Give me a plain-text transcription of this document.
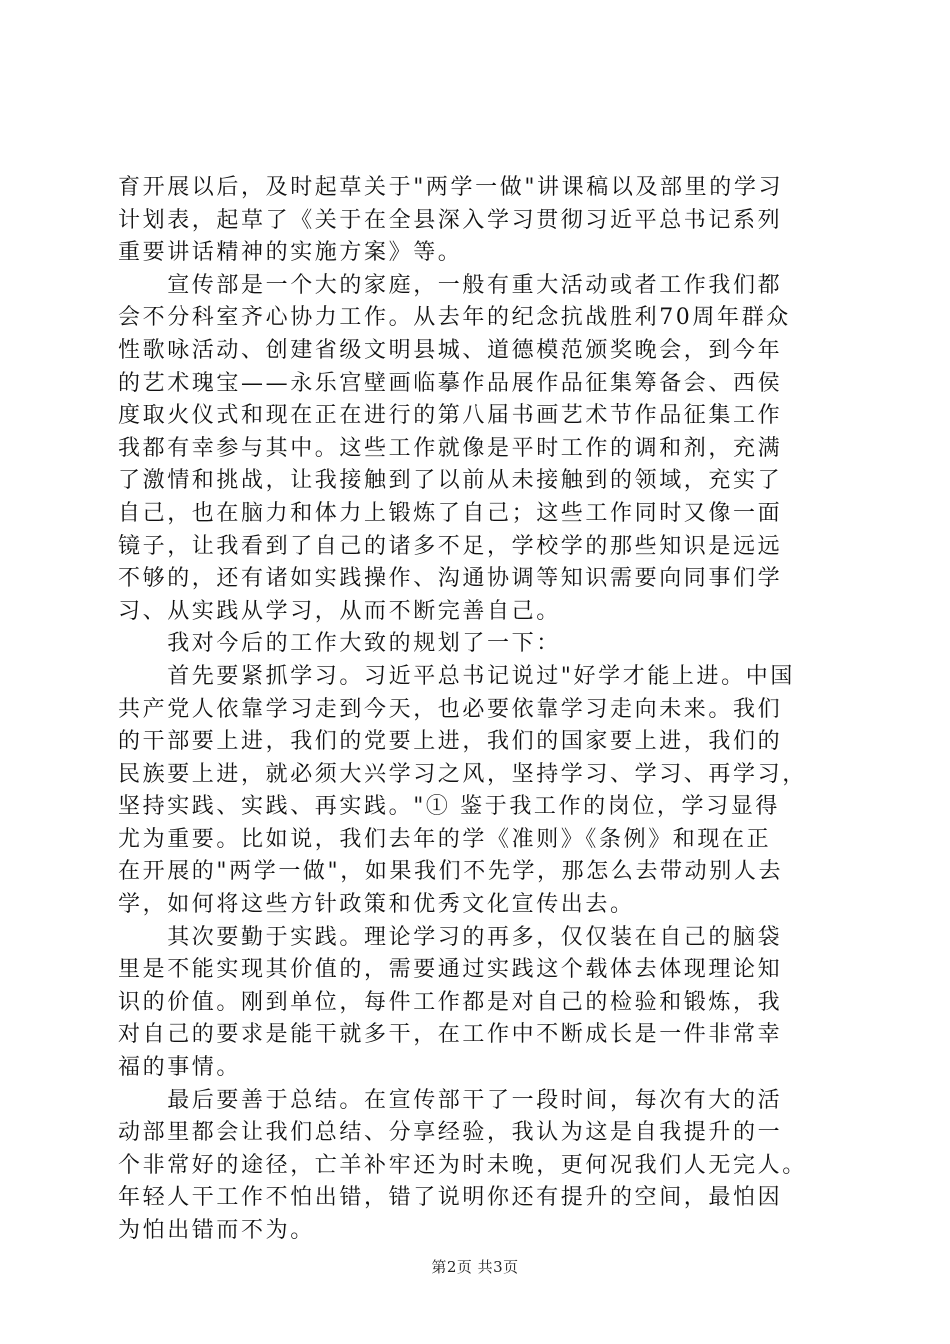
育开展以后，及时起草关于"两学一做"讲课稿以及部里的学习
计划表，起草了《关于在全县深入学习贯彻习近平总书记系列
重要讲话精神的实施方案》等。
　　宣传部是一个大的家庭，一般有重大活动或者工作我们都
会不分科室齐心协力工作。从去年的纪念抗战胜利70周年群众
性歌咏活动、创建省级文明县城、道德模范颁奖晚会，到今年
的艺术瑰宝——永乐宫壁画临摹作品展作品征集筹备会、西侯
度取火仪式和现在正在进行的第八届书画艺术节作品征集工作
我都有幸参与其中。这些工作就像是平时工作的调和剂，充满
了激情和挑战，让我接触到了以前从未接触到的领域，充实了
自己，也在脑力和体力上锻炼了自己；这些工作同时又像一面
镜子，让我看到了自己的诸多不足，学校学的那些知识是远远
不够的，还有诸如实践操作、沟通协调等知识需要向同事们学
习、从实践从学习，从而不断完善自己。
　　我对今后的工作大致的规划了一下：
　　首先要紧抓学习。习近平总书记说过"好学才能上进。中国
共产党人依靠学习走到今天，也必要依靠学习走向未来。我们
的干部要上进，我们的党要上进，我们的国家要上进，我们的
民族要上进，就必须大兴学习之风，坚持学习、学习、再学习，
坚持实践、实践、再实践。"① 鉴于我工作的岗位，学习显得
尤为重要。比如说，我们去年的学《准则》《条例》和现在正
在开展的"两学一做"，如果我们不先学，那怎么去带动别人去
学，如何将这些方针政策和优秀文化宣传出去。
　　其次要勤于实践。理论学习的再多，仅仅装在自己的脑袋
里是不能实现其价值的，需要通过实践这个载体去体现理论知
识的价值。刚到单位，每件工作都是对自己的检验和锻炼，我
对自己的要求是能干就多干，在工作中不断成长是一件非常幸
福的事情。
　　最后要善于总结。在宣传部干了一段时间，每次有大的活
动部里都会让我们总结、分享经验，我认为这是自我提升的一
个非常好的途径，亡羊补牢还为时未晚，更何况我们人无完人。
年轻人干工作不怕出错，错了说明你还有提升的空间，最怕因
为怕出错而不为。
第2页 共3页
